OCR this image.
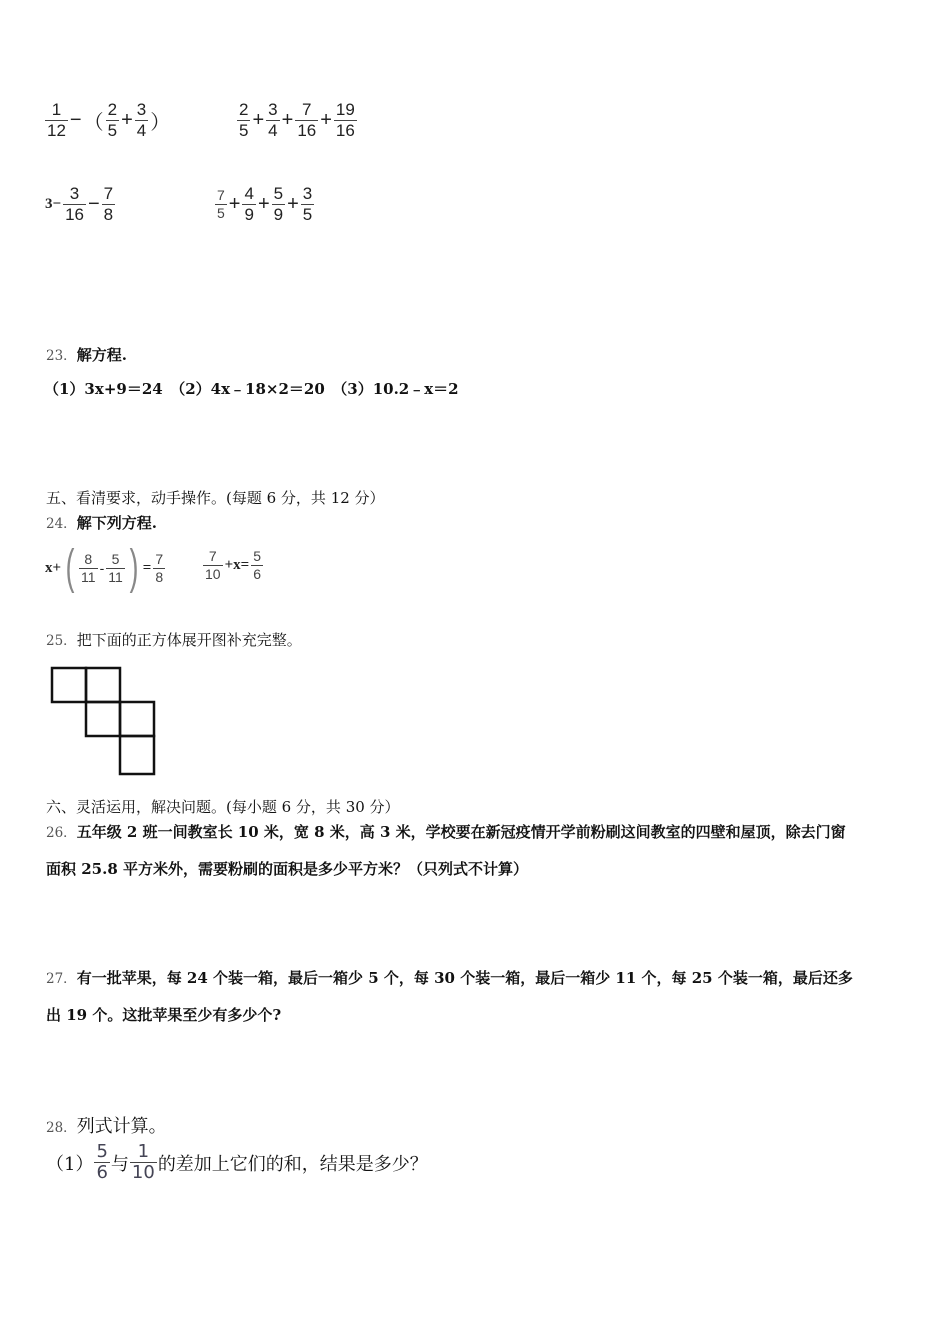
$\frac{1}{12}$ − （ $\frac{2}{5} + \frac{3}{4}$ ）	$\frac{2}{5} + \frac{3}{4} + \frac{7}{16} + \frac{19}{16}$
$3- \frac{3}{16} - \frac{7}{8}$	$\frac{7}{5} + \frac{4}{9} + \frac{5}{9} + \frac{3}{5}$
23．解方程.
（1）3x+9＝24　（2）4x﹣18×2＝20　（3）10.2﹣x＝2
五、看清要求，动手操作。(每题 6 分，共 12 分）
24．解下列方程.
x+ ( $\frac{8}{11} - \frac{5}{11}$ ) = $\frac{7}{8}$	$\frac{7}{10} +x= \frac{5}{6}$
25．把下面的正方体展开图补充完整。
六、灵活运用，解决问题。(每小题 6 分，共 30 分）
26．五年级 2 班一间教室长 10 米，宽 8 米，高 3 米，学校要在新冠疫情开学前粉刷这间教室的四壁和屋顶，除去门窗
面积 25.8 平方米外，需要粉刷的面积是多少平方米？（只列式不计算）
27．有一批苹果，每 24 个装一箱，最后一箱少 5 个，每 30 个装一箱，最后一箱少 11 个，每 25 个装一箱，最后还多
出 19 个。这批苹果至少有多少个?
28．列式计算。
$(1) \frac{5}{6}$ 与 $\frac{1}{10}$ 的差加上它们的和，结果是多少？
